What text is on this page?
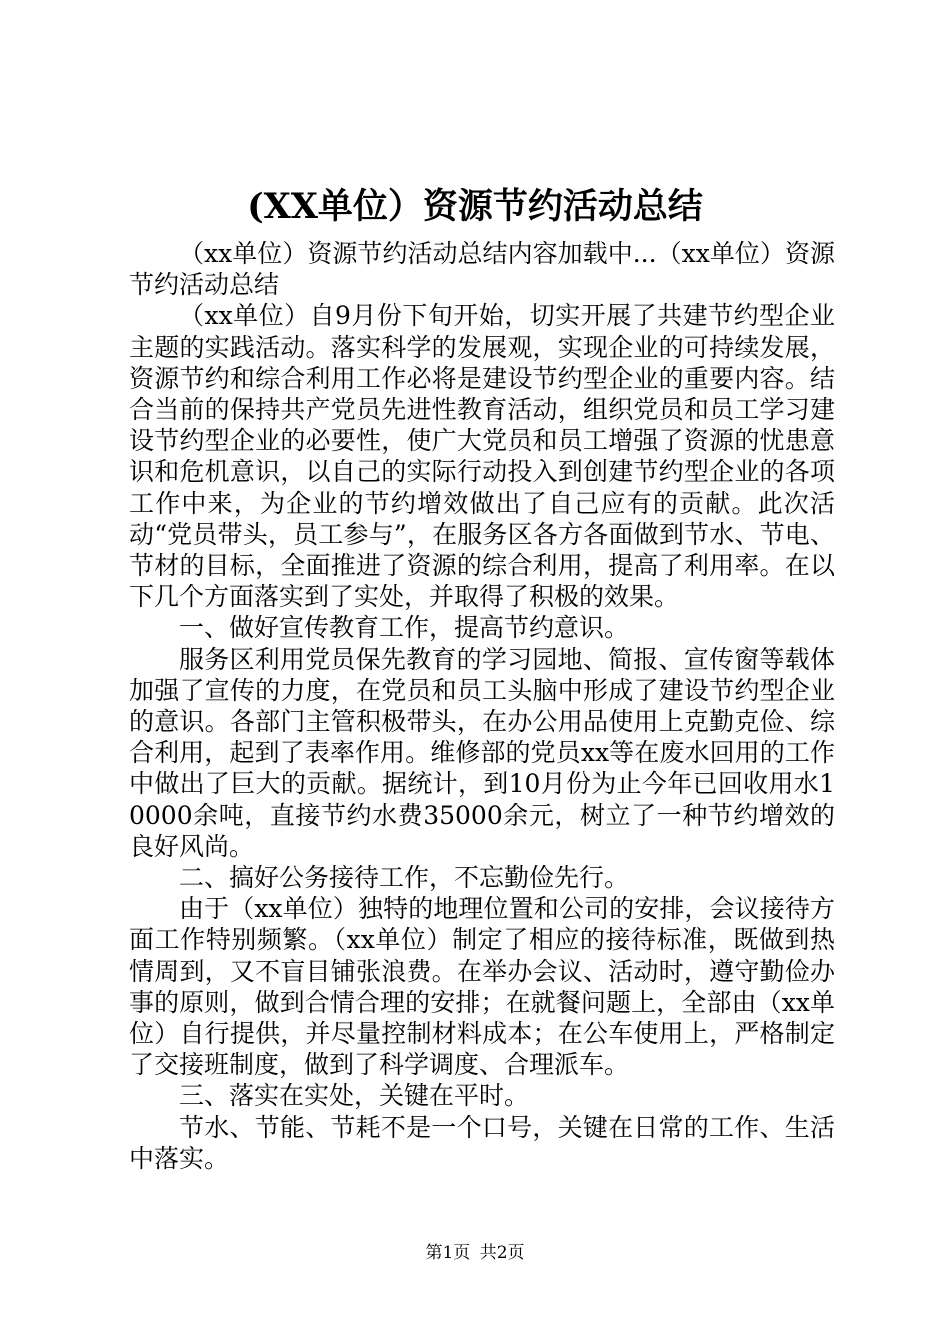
(XX单位）资源节约活动总结

（xx单位）资源节约活动总结内容加载中...（xx单位）资源节约活动总结

（xx单位）自9月份下旬开始，切实开展了共建节约型企业主题的实践活动。落实科学的发展观，实现企业的可持续发展，资源节约和综合利用工作必将是建设节约型企业的重要内容。结合当前的保持共产党员先进性教育活动，组织党员和员工学习建设节约型企业的必要性，使广大党员和员工增强了资源的忧患意识和危机意识，以自己的实际行动投入到创建节约型企业的各项工作中来，为企业的节约增效做出了自己应有的贡献。此次活动“党员带头，员工参与”，在服务区各方各面做到节水、节电、节材的目标，全面推进了资源的综合利用，提高了利用率。在以下几个方面落实到了实处，并取得了积极的效果。

一、做好宣传教育工作，提高节约意识。

服务区利用党员保先教育的学习园地、简报、宣传窗等载体加强了宣传的力度，在党员和员工头脑中形成了建设节约型企业的意识。各部门主管积极带头，在办公用品使用上克勤克俭、综合利用，起到了表率作用。维修部的党员xx等在废水回用的工作中做出了巨大的贡献。据统计，到10月份为止今年已回收用水10000余吨，直接节约水费35000余元，树立了一种节约增效的良好风尚。

二、搞好公务接待工作，不忘勤俭先行。

由于（xx单位）独特的地理位置和公司的安排，会议接待方面工作特别频繁。（xx单位）制定了相应的接待标准，既做到热情周到，又不盲目铺张浪费。在举办会议、活动时，遵守勤俭办事的原则，做到合情合理的安排；在就餐问题上，全部由（xx单位）自行提供，并尽量控制材料成本；在公车使用上，严格制定了交接班制度，做到了科学调度、合理派车。

三、落实在实处，关键在平时。

节水、节能、节耗不是一个口号，关键在日常的工作、生活中落实。

第1页 共2页
